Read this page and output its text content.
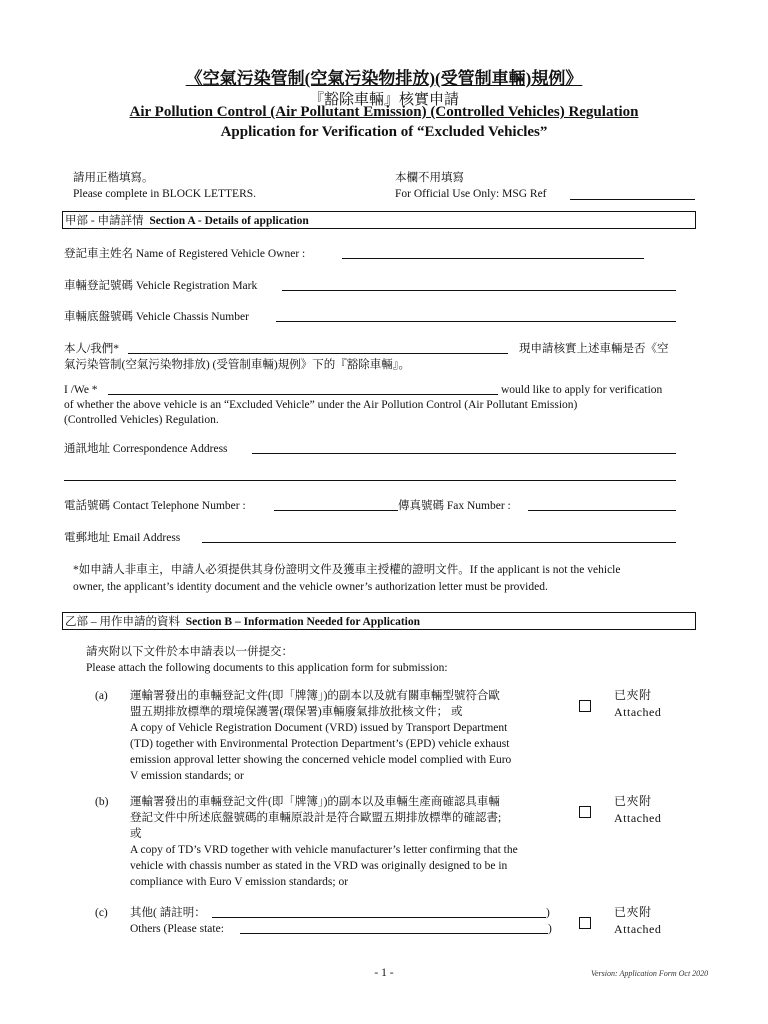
《空氣污染管制(空氣污染物排放)(受管制車輛)規例》
『豁除車輛』核實申請
Air Pollution Control (Air Pollutant Emission) (Controlled Vehicles) Regulation
Application for Verification of “Excluded Vehicles”
請用正楷填寫。
Please complete in BLOCK LETTERS.
本欄不用填寫
For Official Use Only: MSG Ref
甲部 - 申請詳情 Section A - Details of application
登記車主姓名 Name of Registered Vehicle Owner :
車輛登記號碼 Vehicle Registration Mark
車輛底盤號碼 Vehicle Chassis Number
本人/我們*	現申請核實上述車輛是否《空
氣污染管制(空氣污染物排放) (受管制車輛)規例》下的『豁除車輛』。
I /We *	would like to apply for verification
of whether the above vehicle is an “Excluded Vehicle” under the Air Pollution Control (Air Pollutant Emission)
(Controlled Vehicles) Regulation.
通訊地址 Correspondence Address
電話號碼 Contact Telephone Number :	傳真號碼 Fax Number :
電郵地址 Email Address
*如申請人非車主，申請人必須提供其身份證明文件及獲車主授權的證明文件。If the applicant is not the vehicle
owner, the applicant’s identity document and the vehicle owner’s authorization letter must be provided.
乙部 – 用作申請的資料 Section B – Information Needed for Application
請夾附以下文件於本申請表以一併提交：
Please attach the following documents to this application form for submission:
(a) 運輸署發出的車輛登記文件(即「牌簿」)的副本以及就有關車輛型號符合歐
盟五期排放標準的環境保護署(環保署)車輛廢氣排放批核文件； 或
A copy of Vehicle Registration Document (VRD) issued by Transport Department
(TD) together with Environmental Protection Department’s (EPD) vehicle exhaust
emission approval letter showing the concerned vehicle model complied with Euro
V emission standards; or
已夾附
Attached
(b) 運輸署發出的車輛登記文件(即「牌簿」)的副本以及車輛生產商確認具車輛
登記文件中所述底盤號碼的車輛原設計是符合歐盟五期排放標準的確認書;
或
A copy of TD’s VRD together with vehicle manufacturer’s letter confirming that the
vehicle with chassis number as stated in the VRD was originally designed to be in
compliance with Euro V emission standards; or
已夾附
Attached
(c) 其他( 請註明：	)
Others (Please state:	)
已夾附
Attached
- 1 -	Version: Application Form Oct 2020
